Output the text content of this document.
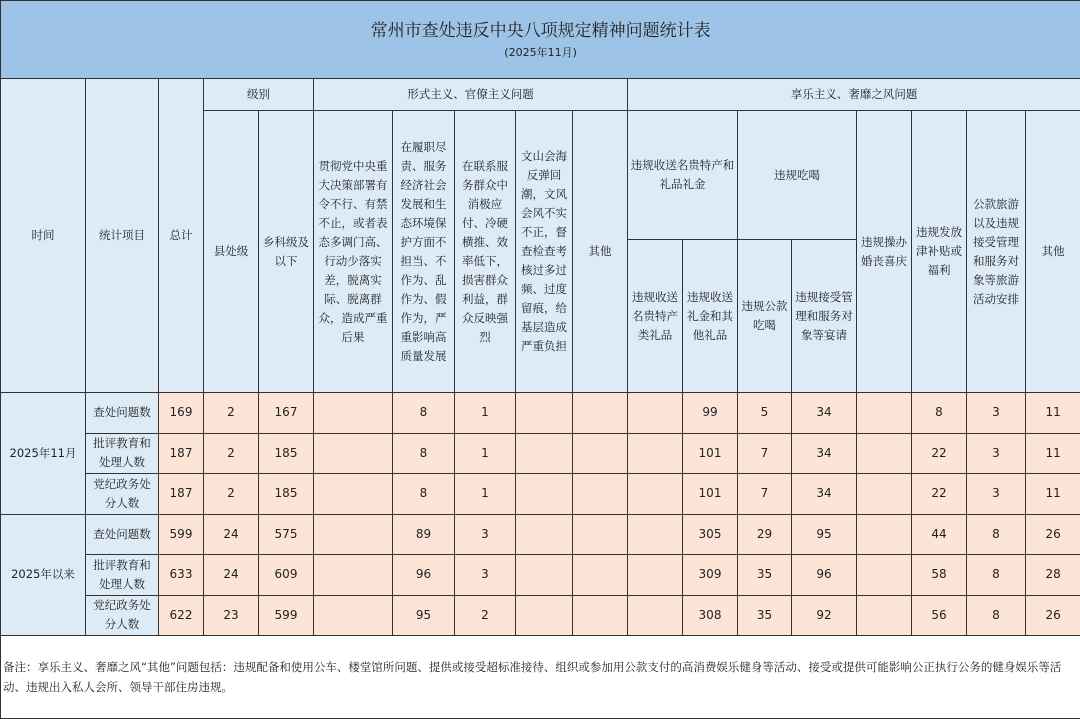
常州市查处违反中央八项规定精神问题统计表
(2025年11月)																	

时间	统计项目	总计	级别		形式主义、官僚主义问题					享乐主义、奢靡之风问题							
			县处级	乡科级及以下	贯彻党中央重大决策部署有令不行、有禁不止，或者表态多调门高、行动少落实差，脱离实际、脱离群众，造成严重后果	在履职尽责、服务经济社会发展和生态环境保护方面不担当、不作为、乱作为、假作为，严重影响高质量发展	在联系服务群众中消极应付、冷硬横推、效率低下，损害群众利益，群众反映强烈	文山会海反弹回潮，文风会风不实不正，督查检查考核过多过频、过度留痕，给基层造成严重负担	其他	违规收送名贵特产和礼品礼金		违规吃喝		违规操办婚丧喜庆	违规发放津补贴或福利	公款旅游以及违规接受管理和服务对象等旅游活动安排	其他
										违规收送名贵特产类礼品	违规收送礼金和其他礼品	违规公款吃喝	违规接受管理和服务对象等宴请				
2025年11月	查处问题数	169	2	167		8	1				99	5	34		8	3	11
	批评教育和处理人数	187	2	185		8	1				101	7	34		22	3	11
	党纪政务处分人数	187	2	185		8	1				101	7	34		22	3	11
2025年以来	查处问题数	599	24	575		89	3				305	29	95		44	8	26
	批评教育和处理人数	633	24	609		96	3				309	35	96		58	8	28
	党纪政务处分人数	622	23	599		95	2				308	35	92		56	8	26
备注：享乐主义、奢靡之风“其他”问题包括：违规配备和使用公车、楼堂馆所问题、提供或接受超标准接待、组织或参加用公款支付的高消费娱乐健身等活动、接受或提供可能影响公正执行公务的健身娱乐等活动、违规出入私人会所、领导干部住房违规。																	
